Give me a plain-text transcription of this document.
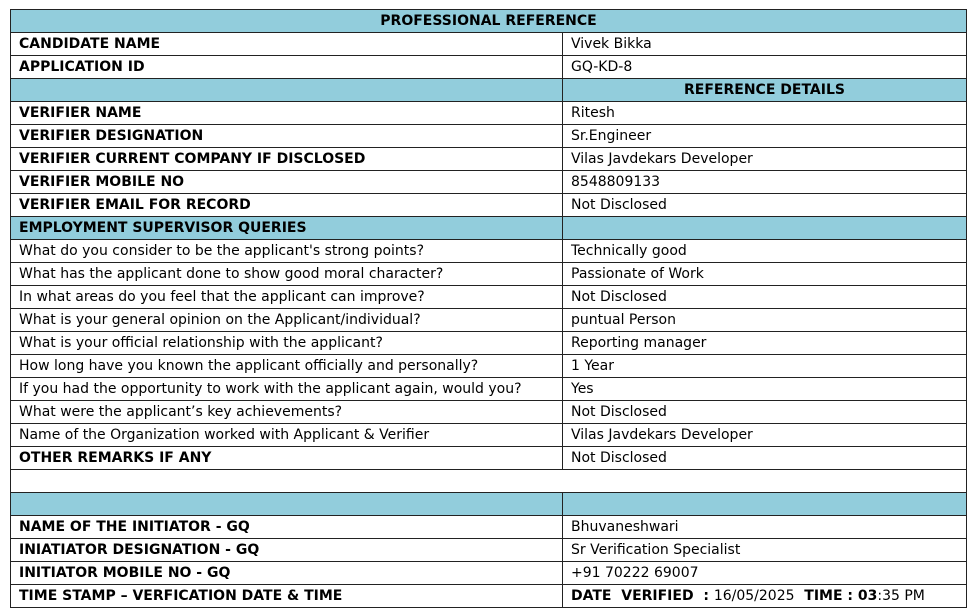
PROFESSIONAL REFERENCE	
CANDIDATE NAME	Vivek Bikka
APPLICATION ID	GQ-KD-8
	REFERENCE DETAILS
VERIFIER NAME	Ritesh
VERIFIER DESIGNATION	Sr.Engineer
VERIFIER CURRENT COMPANY IF DISCLOSED	Vilas Javdekars Developer
VERIFIER MOBILE NO	8548809133
VERIFIER EMAIL FOR RECORD	Not Disclosed
EMPLOYMENT SUPERVISOR QUERIES	
What do you consider to be the applicant's strong points?	Technically good
What has the applicant done to show good moral character?	Passionate of Work
In what areas do you feel that the applicant can improve?	Not Disclosed
What is your general opinion on the Applicant/individual?	puntual Person
What is your official relationship with the applicant?	Reporting manager
How long have you known the applicant officially and personally?	1 Year
If you had the opportunity to work with the applicant again, would you?	Yes
What were the applicant’s key achievements?	Not Disclosed
Name of the Organization worked with Applicant & Verifier	Vilas Javdekars Developer
OTHER REMARKS IF ANY	Not Disclosed

NAME OF THE INITIATOR - GQ	Bhuvaneshwari
INIATIATOR DESIGNATION - GQ	Sr Verification Specialist
INITIATOR MOBILE NO - GQ	+91 70222 69007
TIME STAMP – VERFICATION DATE & TIME	DATE  VERIFIED  : 16/05/2025  TIME : 03:35 PM
